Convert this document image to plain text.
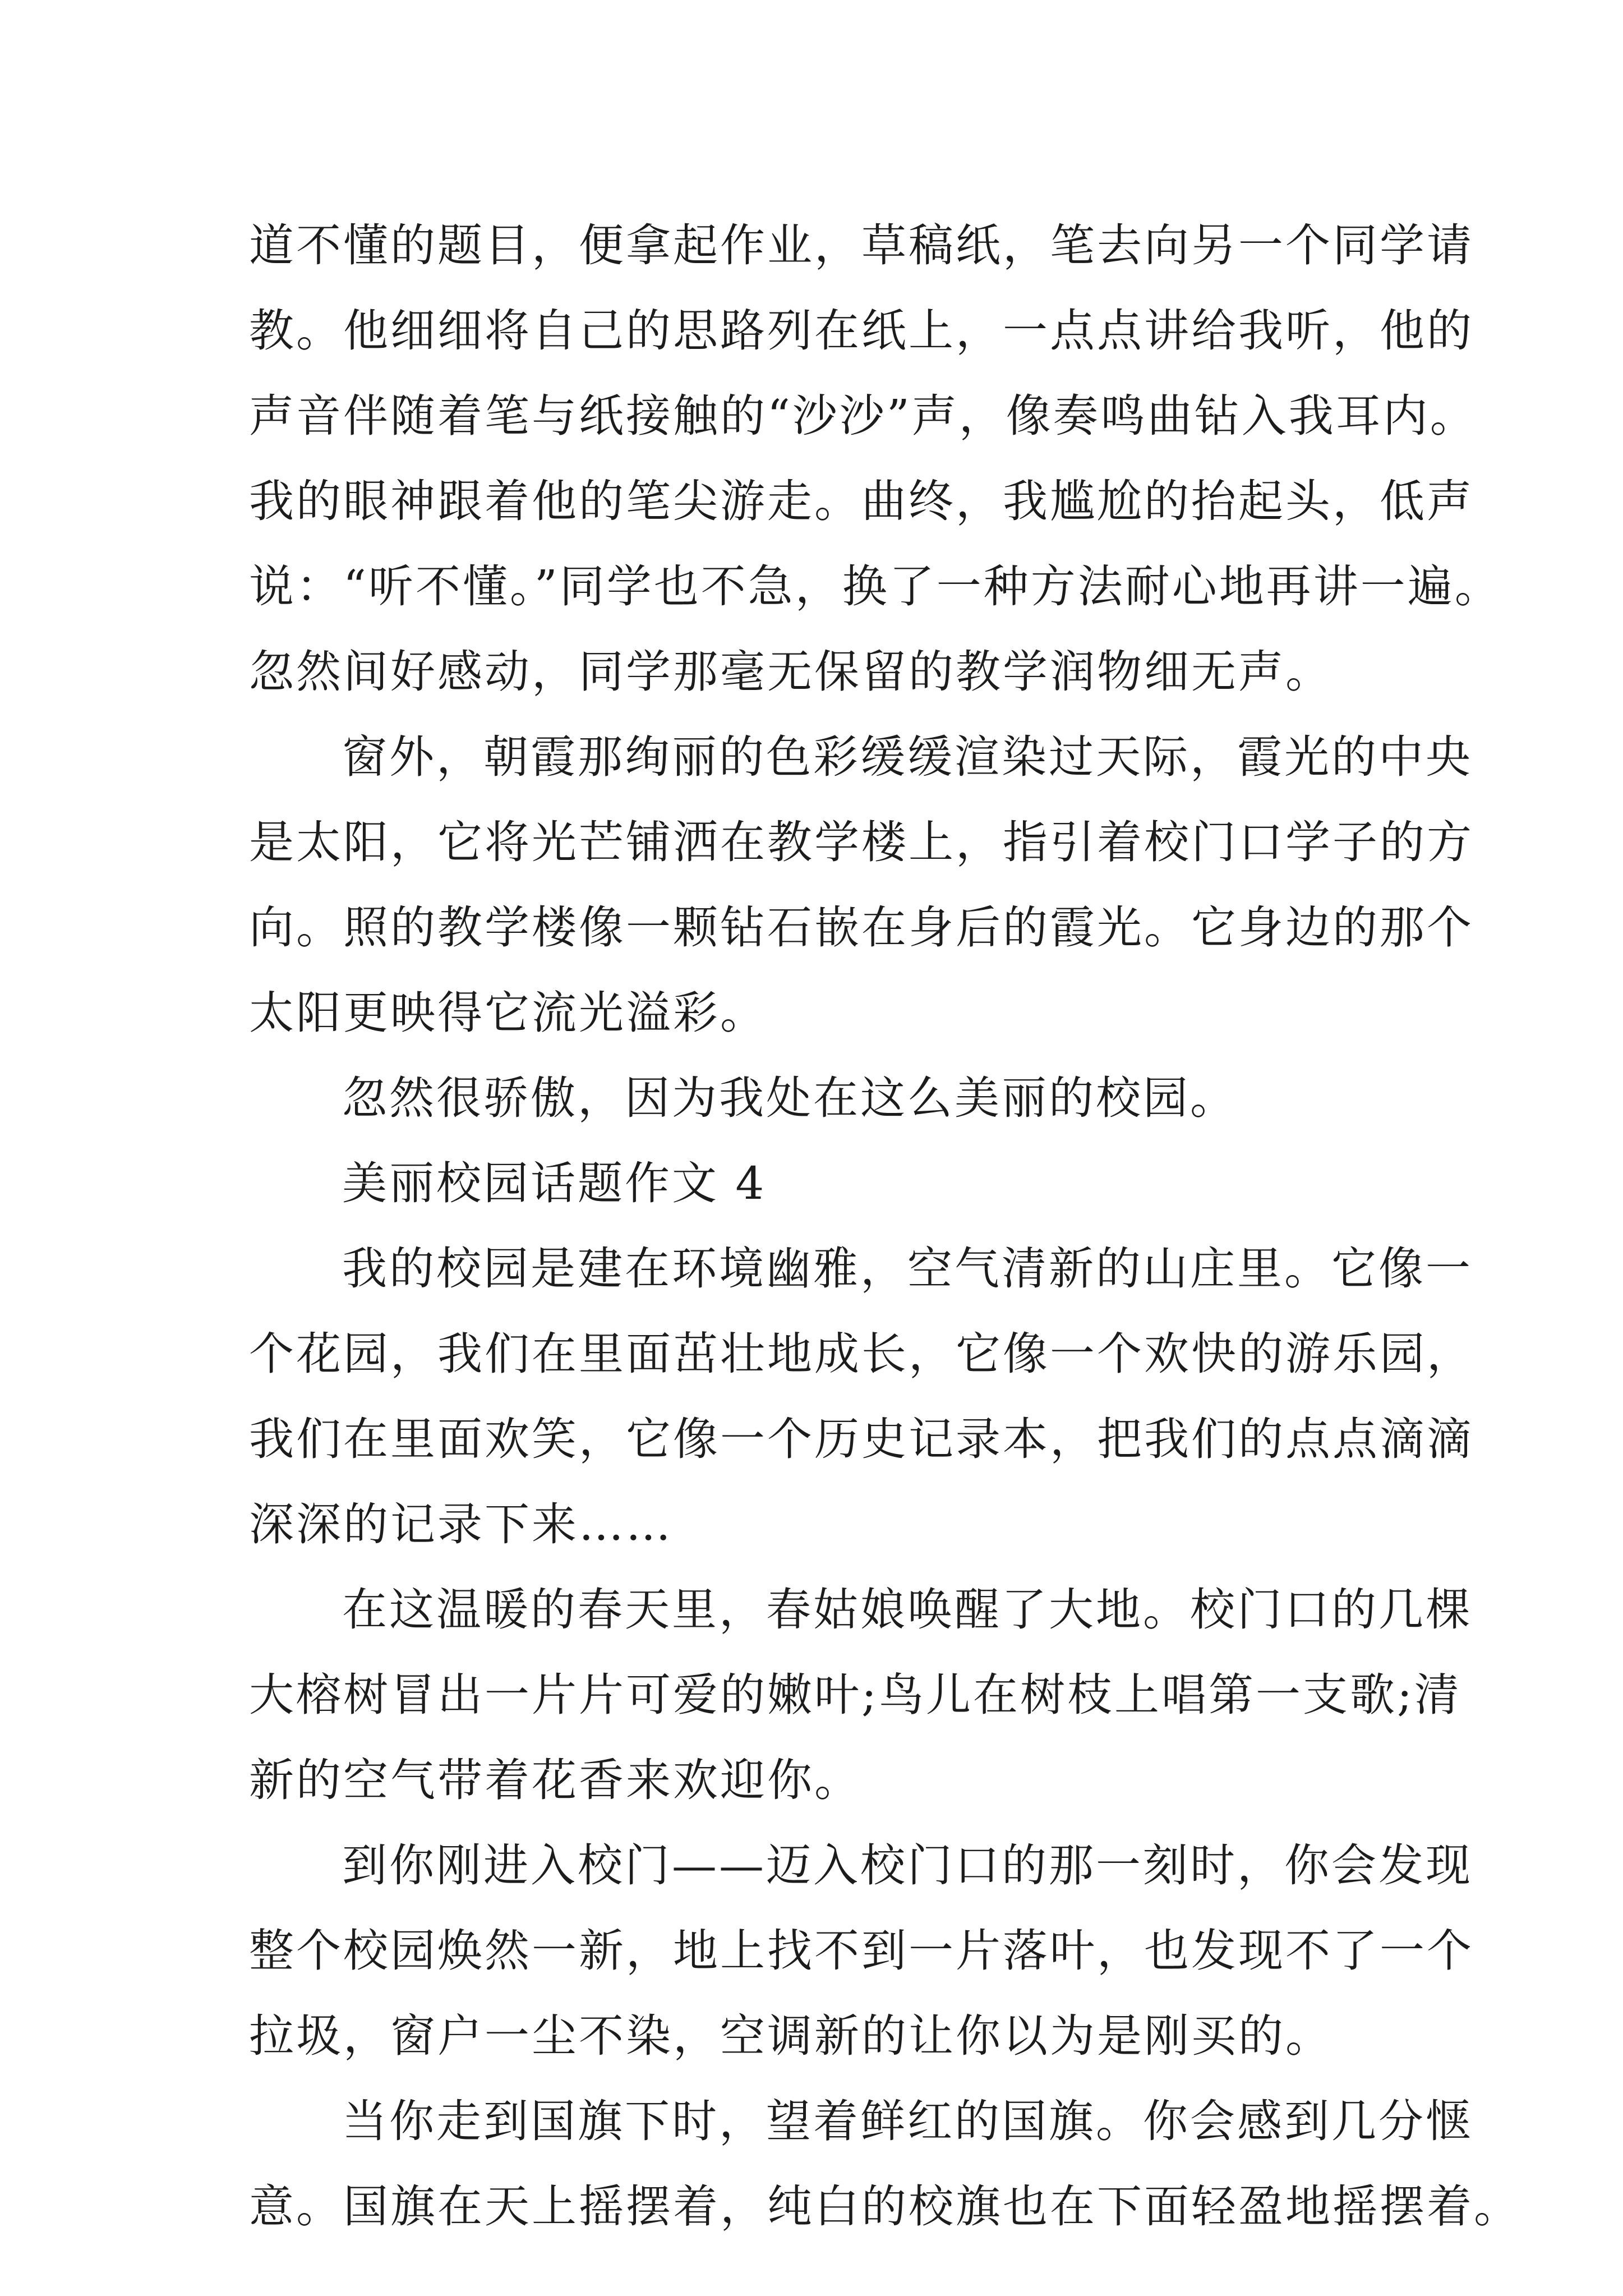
道不懂的题目，便拿起作业，草稿纸，笔去向另一个同学请
教。他细细将自己的思路列在纸上，一点点讲给我听，他的
声音伴随着笔与纸接触的“沙沙”声，像奏鸣曲钻入我耳内。
我的眼神跟着他的笔尖游走。曲终，我尴尬的抬起头，低声
说：“听不懂。”同学也不急，换了一种方法耐心地再讲一遍。
忽然间好感动，同学那毫无保留的教学润物细无声。

窗外，朝霞那绚丽的色彩缓缓渲染过天际，霞光的中央
是太阳，它将光芒铺洒在教学楼上，指引着校门口学子的方
向。照的教学楼像一颗钻石嵌在身后的霞光。它身边的那个
太阳更映得它流光溢彩。

忽然很骄傲，因为我处在这么美丽的校园。

美丽校园话题作文 4

我的校园是建在环境幽雅，空气清新的山庄里。它像一
个花园，我们在里面茁壮地成长，它像一个欢快的游乐园，
我们在里面欢笑，它像一个历史记录本，把我们的点点滴滴
深深的记录下来……

在这温暖的春天里，春姑娘唤醒了大地。校门口的几棵
大榕树冒出一片片可爱的嫩叶;鸟儿在树枝上唱第一支歌;清
新的空气带着花香来欢迎你。

到你刚进入校门——迈入校门口的那一刻时，你会发现
整个校园焕然一新，地上找不到一片落叶，也发现不了一个
拉圾，窗户一尘不染，空调新的让你以为是刚买的。

当你走到国旗下时，望着鲜红的国旗。你会感到几分惬
意。国旗在天上摇摆着，纯白的校旗也在下面轻盈地摇摆着。
